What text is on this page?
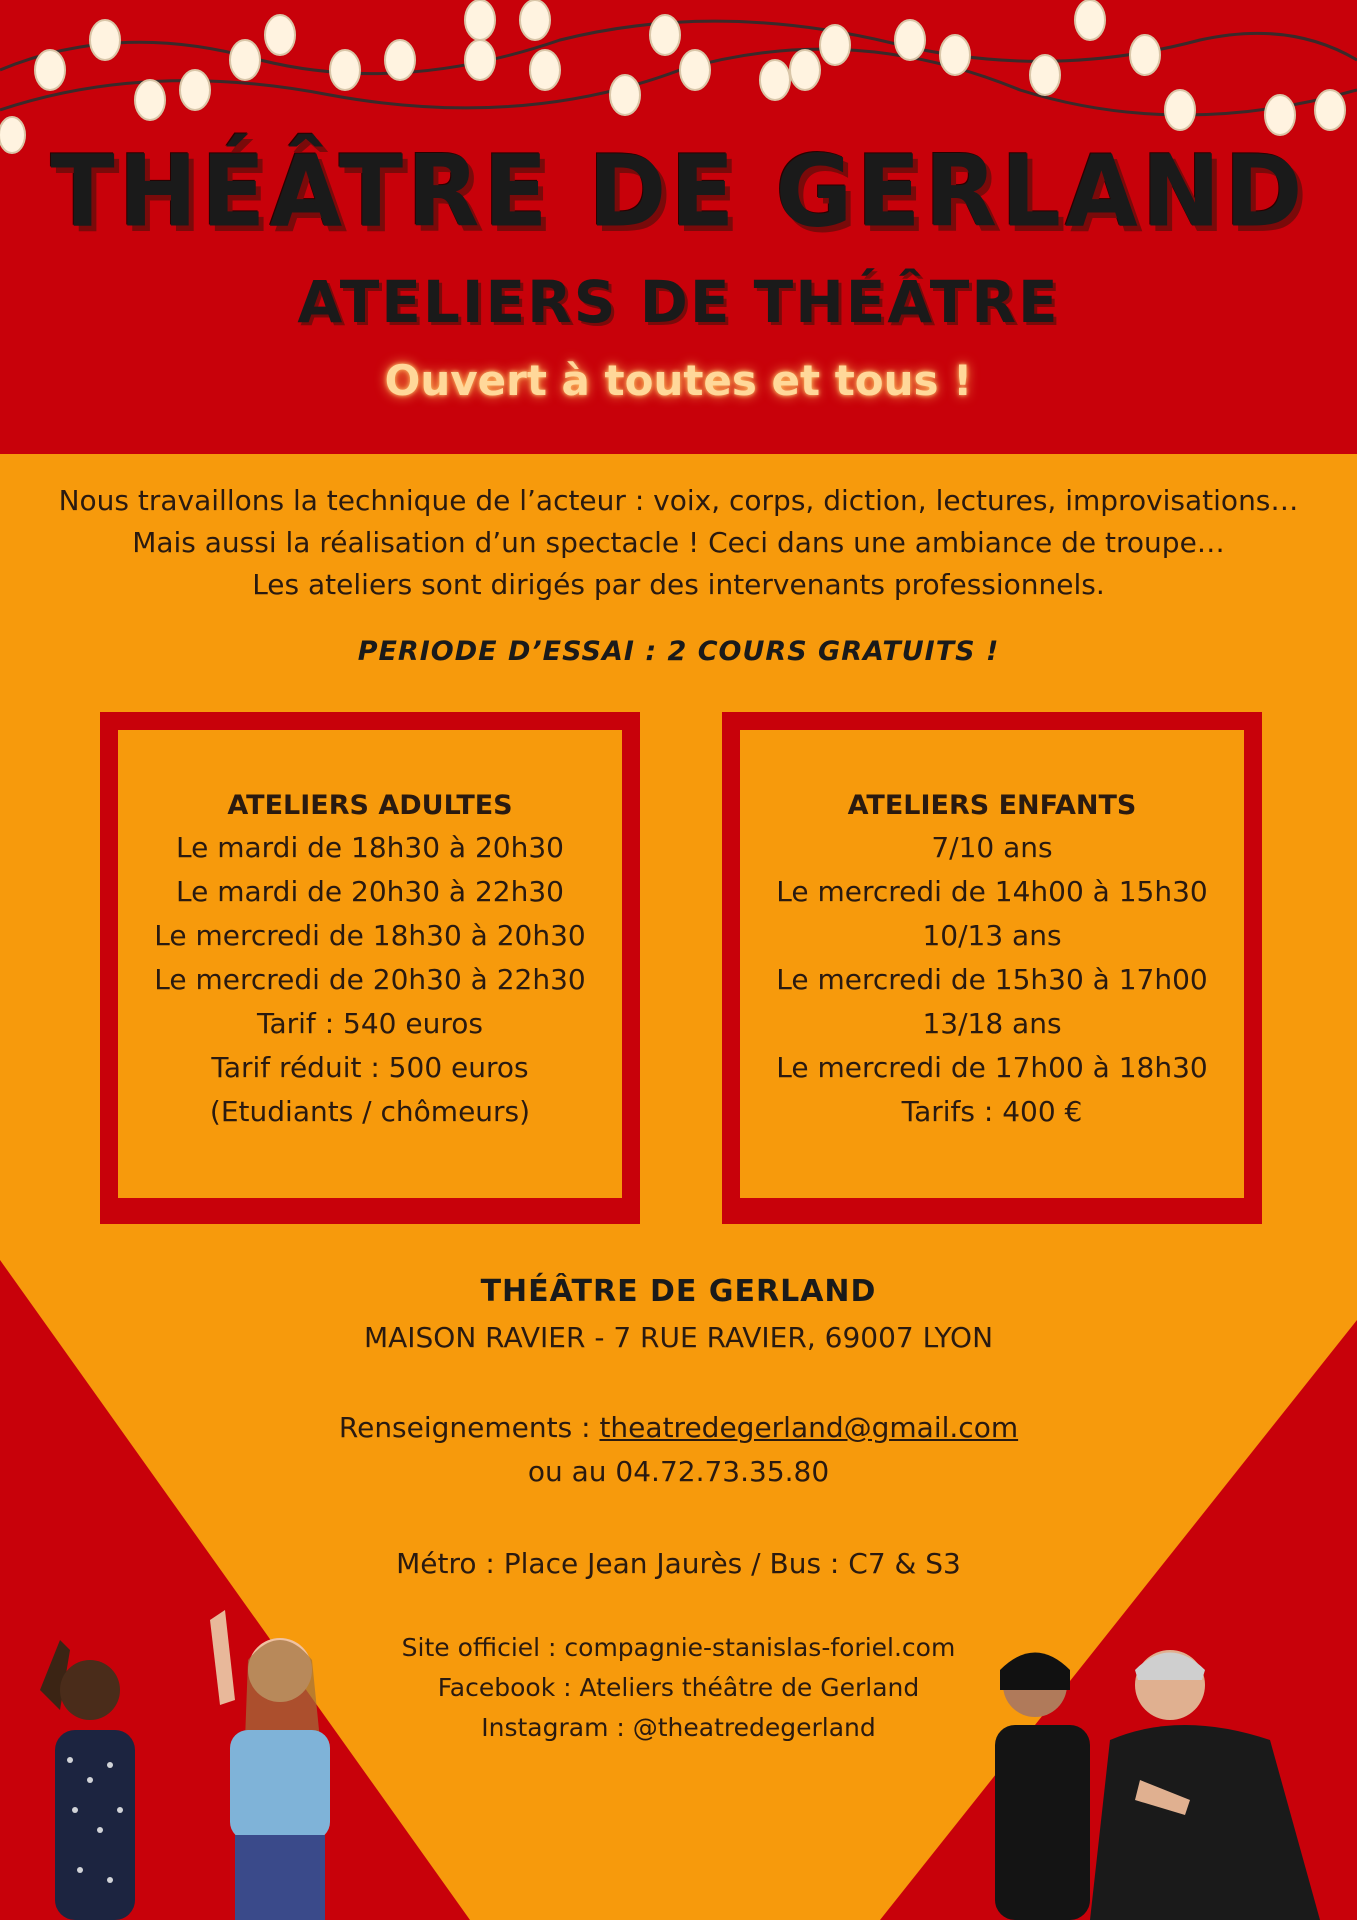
THÉÂTRE DE GERLAND
ATELIERS DE THÉÂTRE
Ouvert à toutes et tous !
Nous travaillons la technique de l’acteur : voix, corps, diction, lectures, improvisations…
Mais aussi la réalisation d’un spectacle ! Ceci dans une ambiance de troupe…
Les ateliers sont dirigés par des intervenants professionnels.
PERIODE D’ESSAI : 2 COURS GRATUITS !
ATELIERS ADULTES
Le mardi de 18h30 à 20h30
Le mardi de 20h30 à 22h30
Le mercredi de 18h30 à 20h30
Le mercredi de 20h30 à 22h30
Tarif : 540 euros
Tarif réduit : 500 euros
(Etudiants / chômeurs)
ATELIERS ENFANTS
7/10 ans
Le mercredi de 14h00 à 15h30
10/13 ans
Le mercredi de 15h30 à 17h00
13/18 ans
Le mercredi de 17h00 à 18h30
Tarifs : 400 €
THÉÂTRE DE GERLAND
MAISON RAVIER - 7 RUE RAVIER, 69007 LYON
Renseignements : theatredegerland@gmail.com
ou au 04.72.73.35.80
Métro : Place Jean Jaurès / Bus : C7 & S3
Site officiel : compagnie-stanislas-foriel.com
Facebook : Ateliers théâtre de Gerland
Instagram : @theatredegerland
